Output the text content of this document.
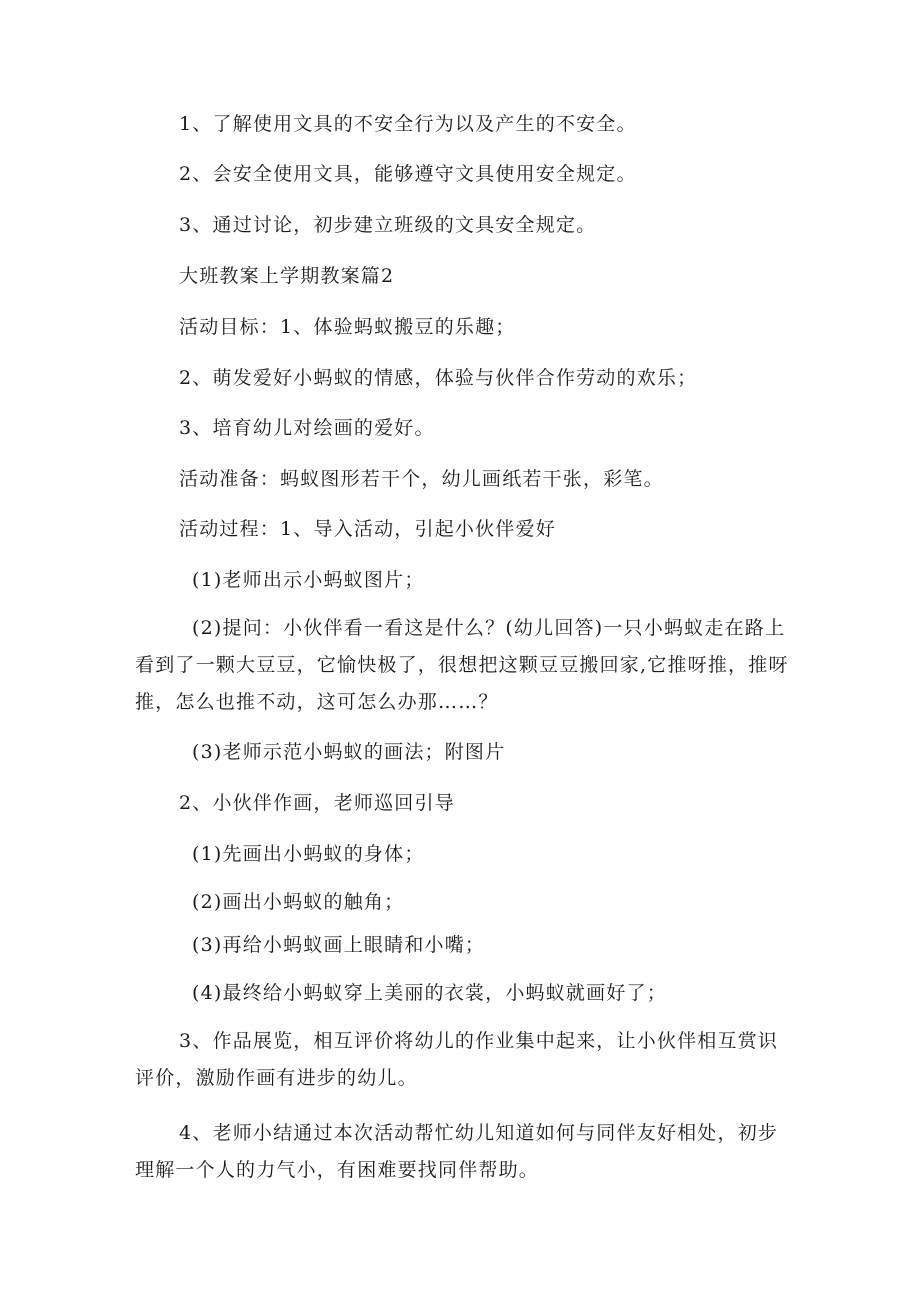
1、了解使用文具的不安全行为以及产生的不安全。
2、会安全使用文具，能够遵守文具使用安全规定。
3、通过讨论，初步建立班级的文具安全规定。
大班教案上学期教案篇2
活动目标：1、体验蚂蚁搬豆的乐趣；
2、萌发爱好小蚂蚁的情感，体验与伙伴合作劳动的欢乐；
3、培育幼儿对绘画的爱好。
活动准备：蚂蚁图形若干个，幼儿画纸若干张，彩笔。
活动过程：1、导入活动，引起小伙伴爱好
(1)老师出示小蚂蚁图片；
(2)提问：小伙伴看一看这是什么？(幼儿回答)一只小蚂蚁走在路上看到了一颗大豆豆，它愉快极了，很想把这颗豆豆搬回家,它推呀推，推呀推，怎么也推不动，这可怎么办那……？
(3)老师示范小蚂蚁的画法；附图片
2、小伙伴作画，老师巡回引导
(1)先画出小蚂蚁的身体；
(2)画出小蚂蚁的触角；
(3)再给小蚂蚁画上眼睛和小嘴；
(4)最终给小蚂蚁穿上美丽的衣裳，小蚂蚁就画好了；
3、作品展览，相互评价将幼儿的作业集中起来，让小伙伴相互赏识评价，激励作画有进步的幼儿。
4、老师小结通过本次活动帮忙幼儿知道如何与同伴友好相处，初步理解一个人的力气小，有困难要找同伴帮助。
